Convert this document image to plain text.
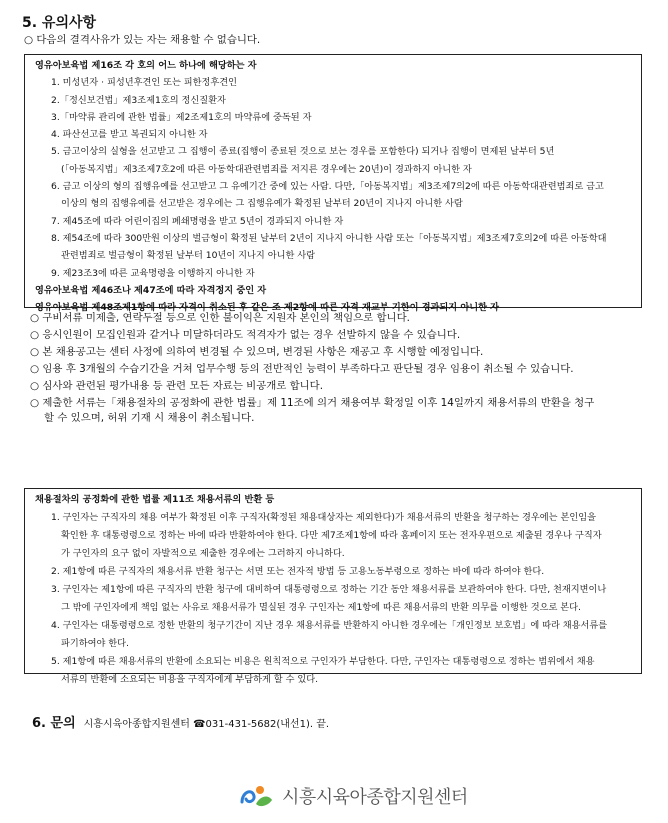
5. 유의사항
○ 다음의 결격사유가 있는 자는 채용할 수 없습니다.
영유아보육법 제16조 각 호의 어느 하나에 해당하는 자
1. 미성년자 · 피성년후견인 또는 피한정후견인
2.「정신보건법」제3조제1호의 정신질환자
3.「마약류 관리에 관한 법률」제2조제1호의 마약류에 중독된 자
4. 파산선고를 받고 복권되지 아니한 자
5. 금고이상의 실형을 선고받고 그 집행이 종료(집행이 종료된 것으로 보는 경우를 포함한다) 되거나 집행이 면제된 날부터 5년
(「아동복지법」제3조제7호2에 따른 아동학대관련범죄를 저지른 경우에는 20년)이 경과하지 아니한 자
6. 금고 이상의 형의 집행유예를 선고받고 그 유예기간 중에 있는 사람. 다만,「아동복지법」제3조제7의2에 따른 아동학대관련범죄로 금고
이상의 형의 집행유예를 선고받은 경우에는 그 집행유예가 확정된 날부터 20년이 지나지 아니한 사람
7. 제45조에 따라 어린이집의 폐쇄명령을 받고 5년이 경과되지 아니한 자
8. 제54조에 따라 300만원 이상의 벌금형이 확정된 날부터 2년이 지나지 아니한 사람 또는「아동복지법」제3조제7호의2에 따른 아동학대
관련범죄로 벌금형이 확정된 날부터 10년이 지나지 아니한 사람
9. 제23조3에 따른 교육명령을 이행하지 아니한 자
영유아보육법 제46조나 제47조에 따라 자격정지 중인 자
영유아보육법 제48조제1항에 따라 자격이 취소된 후 같은 조 제2항에 따른 자격 재교부 기한이 경과되지 아니한 자
○ 구비서류 미제출, 연락두절 등으로 인한 불이익은 지원자 본인의 책임으로 합니다.
○ 응시인원이 모집인원과 같거나 미달하더라도 적격자가 없는 경우 선발하지 않을 수 있습니다.
○ 본 채용공고는 센터 사정에 의하여 변경될 수 있으며, 변경된 사항은 재공고 후 시행할 예정입니다.
○ 임용 후 3개월의 수습기간을 거쳐 업무수행 등의 전반적인 능력이 부족하다고 판단될 경우 임용이 취소될 수 있습니다.
○ 심사와 관련된 평가내용 등 관련 모든 자료는 비공개로 합니다.
○ 제출한 서류는「채용절차의 공정화에 관한 법률」제 11조에 의거 채용여부 확정일 이후 14일까지 채용서류의 반환을 청구
할 수 있으며, 허위 기재 시 채용이 취소됩니다.
채용절차의 공정화에 관한 법률 제11조 채용서류의 반환 등
1. 구인자는 구직자의 채용 여부가 확정된 이후 구직자(확정된 채용대상자는 제외한다)가 채용서류의 반환을 청구하는 경우에는 본인임을
확인한 후 대통령령으로 정하는 바에 따라 반환하여야 한다. 다만 제7조제1항에 따라 홈페이지 또는 전자우편으로 제출된 경우나 구직자
가 구인자의 요구 없이 자발적으로 제출한 경우에는 그러하지 아니하다.
2. 제1항에 따른 구직자의 채용서류 반환 청구는 서면 또는 전자적 방법 등 고용노동부령으로 정하는 바에 따라 하여야 한다.
3. 구인자는 제1항에 따른 구직자의 반환 청구에 대비하여 대통령령으로 정하는 기간 동안 채용서류를 보관하여야 한다. 다만, 천재지변이나
그 밖에 구인자에게 책임 없는 사유로 채용서류가 멸실된 경우 구인자는 제1항에 따른 채용서류의 반환 의무를 이행한 것으로 본다.
4. 구인자는 대통령령으로 정한 반환의 청구기간이 지난 경우 채용서류를 반환하지 아니한 경우에는「개인정보 보호법」에 따라 채용서류를
파기하여야 한다.
5. 제1항에 따른 채용서류의 반환에 소요되는 비용은 원칙적으로 구인자가 부담한다. 다만, 구인자는 대통령령으로 정하는 범위에서 채용
서류의 반환에 소요되는 비용을 구직자에게 부담하게 할 수 있다.
6. 문의 시흥시육아종합지원센터 ☎031-431-5682(내선1). 끝.
시흥시육아종합지원센터
